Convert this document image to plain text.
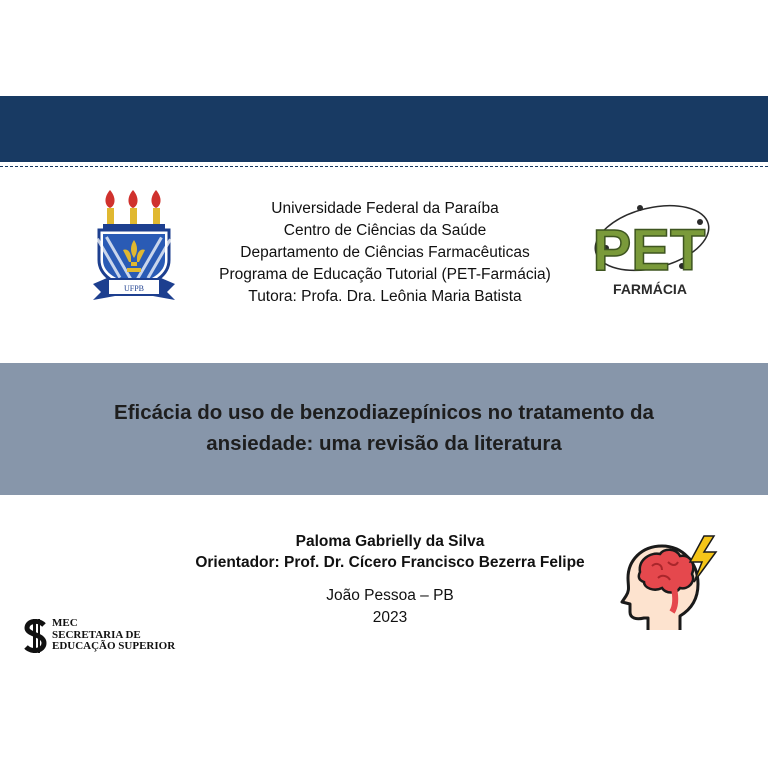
UFPB
Universidade Federal da Paraíba
Centro de Ciências da Saúde
Departamento de Ciências Farmacêuticas
Programa de Educação Tutorial (PET-Farmácia)
Tutora: Profa. Dra. Leônia Maria Batista
PET
FARMÁCIA
Eficácia do uso de benzodiazepínicos no tratamento da
ansiedade: uma revisão da literatura
Paloma Gabrielly da Silva
Orientador: Prof. Dr. Cícero Francisco Bezerra Felipe
João Pessoa – PB
2023
MEC
SECRETARIA DE
EDUCAÇÃO SUPERIOR
